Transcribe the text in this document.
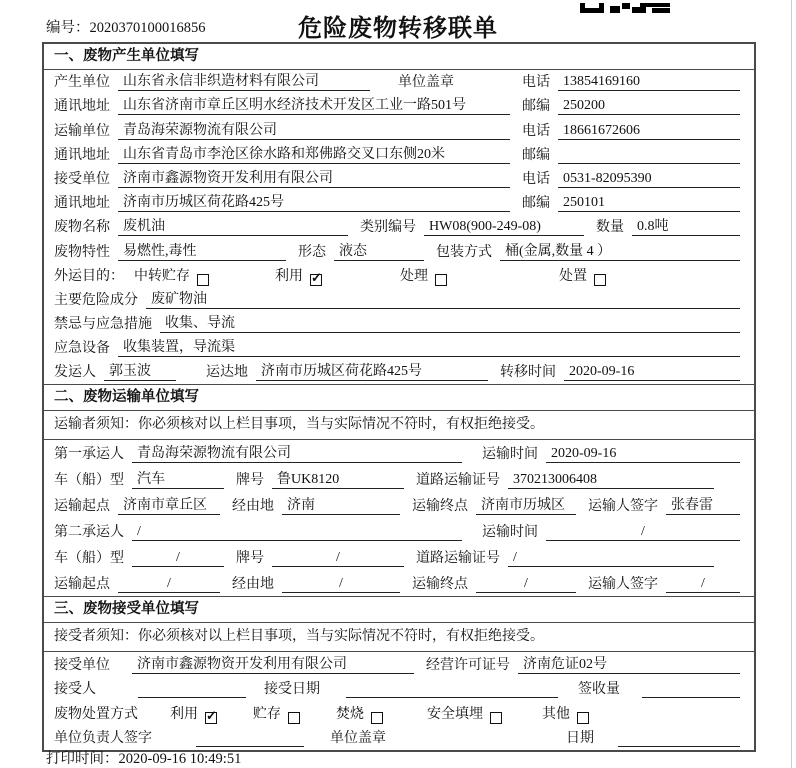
编号：2020370100016856	危险废物转移联单
一、废物产生单位填写
产生单位 山东省永信非织造材料有限公司	单位盖章	电话 13854169160
通讯地址 山东省济南市章丘区明水经济技术开发区工业一路501号	邮编 250200
运输单位 青岛海荣源物流有限公司	电话 18661672606
通讯地址 山东省青岛市李沧区徐水路和郑佛路交叉口东侧20米	邮编
接受单位 济南市鑫源物资开发利用有限公司	电话 0531-82095390
通讯地址 济南市历城区荷花路425号	邮编 250101
废物名称 废机油	类别编号 HW08(900-249-08)	数量 0.8吨
废物特性 易燃性,毒性	形态 液态	包装方式 桶(金属,数量 4 ）
外运目的： 中转贮存	利用 ✓	处理	处置
主要危险成分 废矿物油
禁忌与应急措施 收集、导流
应急设备 收集装置，导流渠
发运人 郭玉波	运达地 济南市历城区荷花路425号	转移时间 2020-09-16
二、废物运输单位填写
运输者须知：你必须核对以上栏目事项，当与实际情况不符时，有权拒绝接受。
第一承运人 青岛海荣源物流有限公司	运输时间 2020-09-16
车（船）型 汽车	牌号 鲁UK8120	道路运输证号 370213006408
运输起点 济南市章丘区	经由地 济南	运输终点 济南市历城区	运输人签字 张春雷
第二承运人 /	运输时间	/
车（船）型	/	牌号	/	道路运输证号 /
运输起点	/	经由地	/	运输终点	/	运输人签字	/
三、废物接受单位填写
接受者须知：你必须核对以上栏目事项，当与实际情况不符时，有权拒绝接受。
接受单位	济南市鑫源物资开发利用有限公司	经营许可证号 济南危证02号
接受人	接受日期	签收量
废物处置方式 利用 ✓	贮存	焚烧	安全填埋	其他
单位负责人签字	单位盖章	日期
打印时间：2020-09-16 10:49:51
